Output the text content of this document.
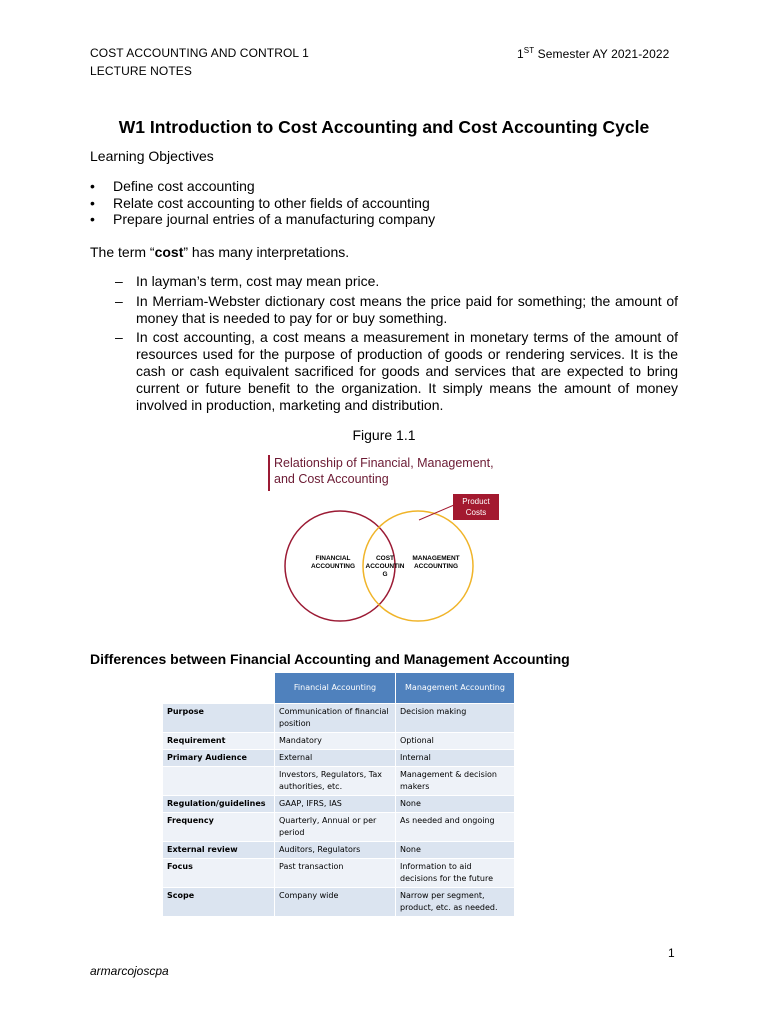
COST ACCOUNTING AND CONTROL 1
LECTURE NOTES
1ST Semester AY 2021-2022
W1 Introduction to Cost Accounting and Cost Accounting Cycle
Learning Objectives
• Define cost accounting
• Relate cost accounting to other fields of accounting
• Prepare journal entries of a manufacturing company
The term “cost” has many interpretations.
– In layman’s term, cost may mean price.
– In Merriam-Webster dictionary cost means the price paid for something; the amount of money that is needed to pay for or buy something.
– In cost accounting, a cost means a measurement in monetary terms of the amount of resources used for the purpose of production of goods or rendering services. It is the cash or cash equivalent sacrificed for goods and services that are expected to bring current or future benefit to the organization. It simply means the amount of money involved in production, marketing and distribution.
Figure 1.1
Relationship of Financial, Management, and Cost Accounting
Product
Costs
FINANCIAL
ACCOUNTING
COST
ACCOUNTIN
G
MANAGEMENT
ACCOUNTING
Differences between Financial Accounting and Management Accounting
	Financial Accounting	Management Accounting
Purpose	Communication of financial position	Decision making
Requirement	Mandatory	Optional
Primary Audience	External	Internal
	Investors, Regulators, Tax authorities, etc.	Management & decision makers
Regulation/guidelines	GAAP, IFRS, IAS	None
Frequency	Quarterly, Annual or per period	As needed and ongoing
External review	Auditors, Regulators	None
Focus	Past transaction	Information to aid decisions for the future
Scope	Company wide	Narrow per segment, product, etc. as needed.
1
armarcojoscpa
